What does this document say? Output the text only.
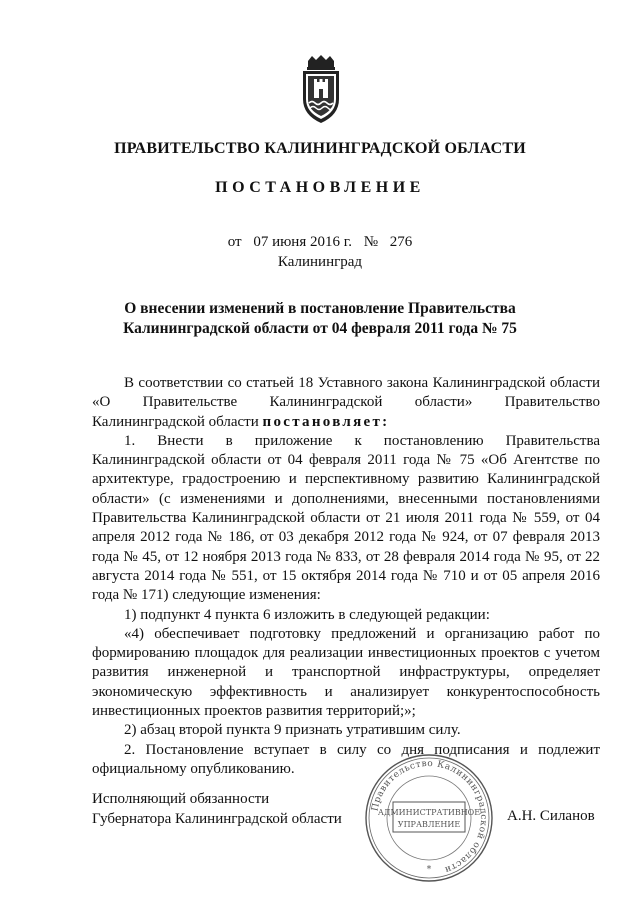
ПРАВИТЕЛЬСТВО КАЛИНИНГРАДСКОЙ ОБЛАСТИ
ПОСТАНОВЛЕНИЕ
от 07 июня 2016 г. № 276
Калининград
О внесении изменений в постановление Правительства
Калининградской области от 04 февраля 2011 года № 75

В соответствии со статьей 18 Уставного закона Калининградской области «О Правительстве Калининградской области» Правительство Калининградской области постановляет:

1. Внести в приложение к постановлению Правительства Калининградской области от 04 февраля 2011 года № 75 «Об Агентстве по архитектуре, градостроению и перспективному развитию Калининградской области» (с изменениями и дополнениями, внесенными постановлениями Правительства Калининградской области от 21 июля 2011 года № 559, от 04 апреля 2012 года № 186, от 03 декабря 2012 года № 924, от 07 февраля 2013 года № 45, от 12 ноября 2013 года № 833, от 28 февраля 2014 года № 95, от 22 августа 2014 года № 551, от 15 октября 2014 года № 710 и от 05 апреля 2016 года № 171) следующие изменения:

1) подпункт 4 пункта 6 изложить в следующей редакции:

«4) обеспечивает подготовку предложений и организацию работ по формированию площадок для реализации инвестиционных проектов с учетом развития инженерной и транспортной инфраструктуры, определяет экономическую эффективность и анализирует конкурентоспособность инвестиционных проектов развития территорий;»;

2) абзац второй пункта 9 признать утратившим силу.

2. Постановление вступает в силу со дня подписания и подлежит официальному опубликованию.

Исполняющий обязанности
Губернатора Калининградской области
Правительство Калининградской области
АДМИНИСТРАТИВНОЕ
УПРАВЛЕНИЕ
*
А.Н. Силанов
